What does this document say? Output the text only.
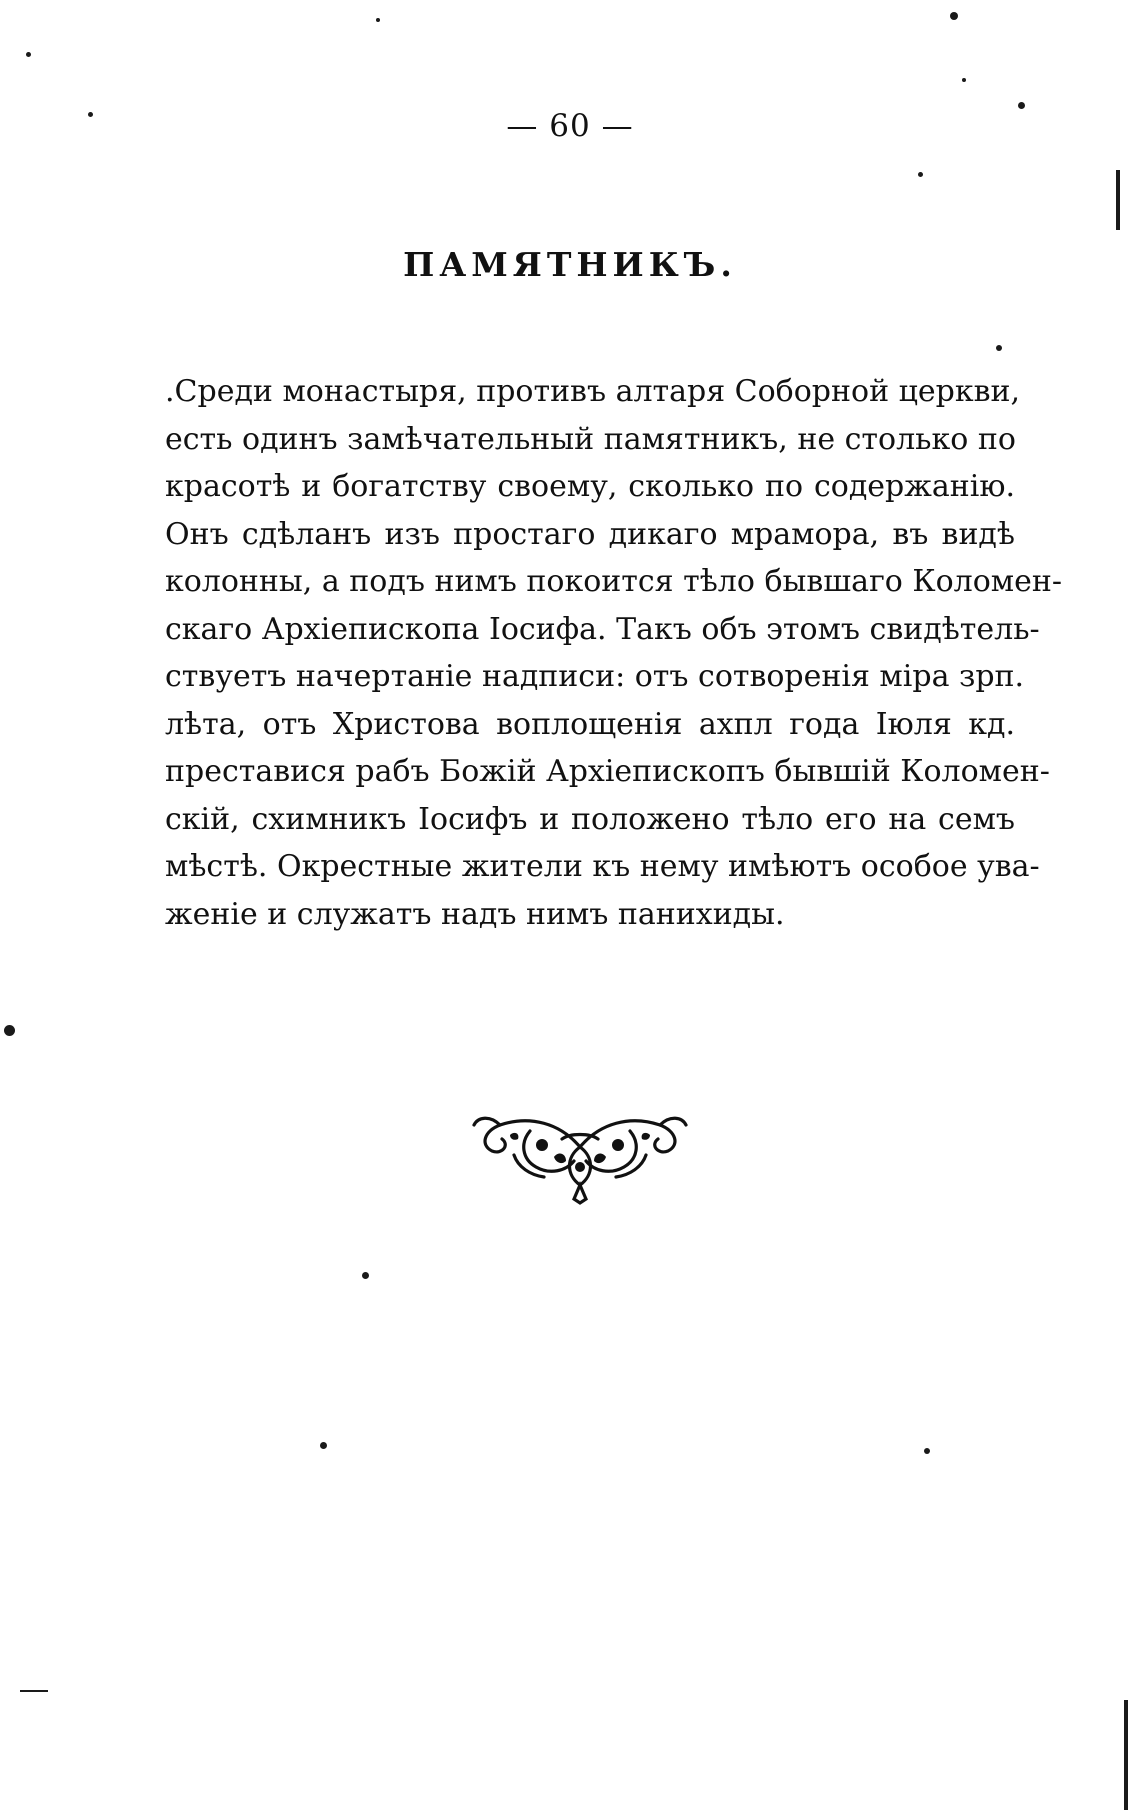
— 60 —
ПАМЯТНИКЪ.
.Среди монастыря, противъ алтаря Соборной церкви,
есть одинъ замѣчательный памятникъ, не столько по
красотѣ и богатству своему, сколько по содержанію.
Онъ сдѣланъ изъ простаго дикаго мрамора, въ видѣ
колонны, а подъ нимъ покоится тѣло бывшаго Коломен-
скаго Архіепископа Іосифа. Такъ объ этомъ свидѣтель-
ствуетъ начертаніе надписи: отъ сотворенія міра зрп.
лѣта, отъ Христова воплощенія ахпл года Іюля кд.
преставися рабъ Божій Архіепископъ бывшій Коломен-
скій, схимникъ Іосифъ и положено тѣло его на семъ
мѣстѣ. Окрестные жители къ нему имѣютъ особое ува-
женіе и служатъ надъ нимъ панихиды.
